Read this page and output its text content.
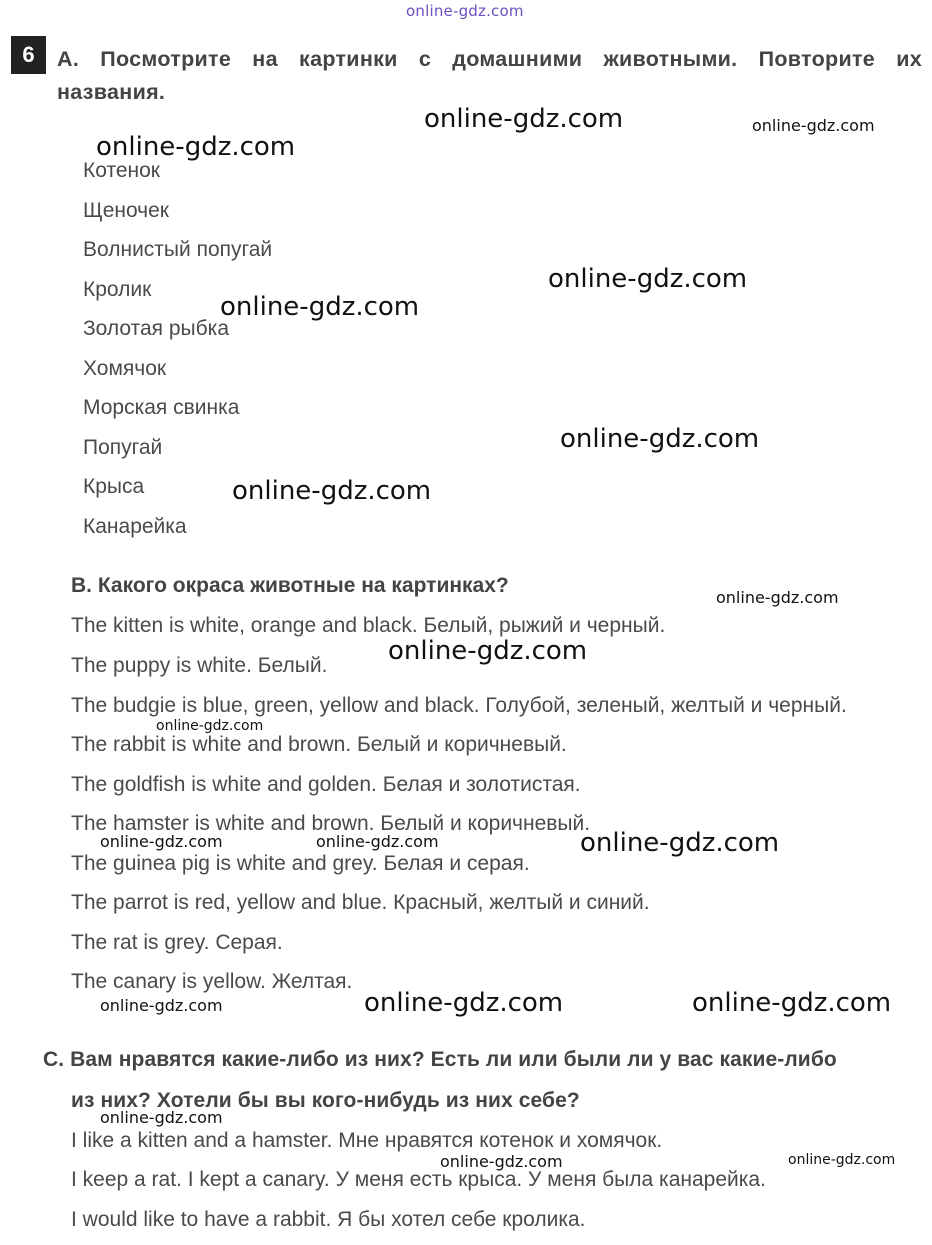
online-gdz.com
6	A. Посмотрите на картинки с домашними животными. Повторите их
названия.
Котенок
Щеночек
Волнистый попугай
Кролик
Золотая рыбка
Хомячок
Морская свинка
Попугай
Крыса
Канарейка
B. Какого окраса животные на картинках?
The kitten is white, orange and black. Белый, рыжий и черный.
The puppy is white. Белый.
The budgie is blue, green, yellow and black. Голубой, зеленый, желтый и черный.
The rabbit is white and brown. Белый и коричневый.
The goldfish is white and golden. Белая и золотистая.
The hamster is white and brown. Белый и коричневый.
The guinea pig is white and grey. Белая и серая.
The parrot is red, yellow and blue. Красный, желтый и синий.
The rat is grey. Серая.
The canary is yellow. Желтая.
C. Вам нравятся какие-либо из них? Есть ли или были ли у вас какие-либо
из них? Хотели бы вы кого-нибудь из них себе?
I like a kitten and a hamster. Мне нравятся котенок и хомячок.
I keep a rat. I kept a canary. У меня есть крыса. У меня была канарейка.
I would like to have a rabbit. Я бы хотел себе кролика.
online-gdz.com	online-gdz.com
online-gdz.com
online-gdz.com
online-gdz.com
online-gdz.com
online-gdz.com
online-gdz.com
online-gdz.com
online-gdz.com
online-gdz.com	online-gdz.com	online-gdz.com
online-gdz.com	online-gdz.com	online-gdz.com
online-gdz.com
online-gdz.com	online-gdz.com
